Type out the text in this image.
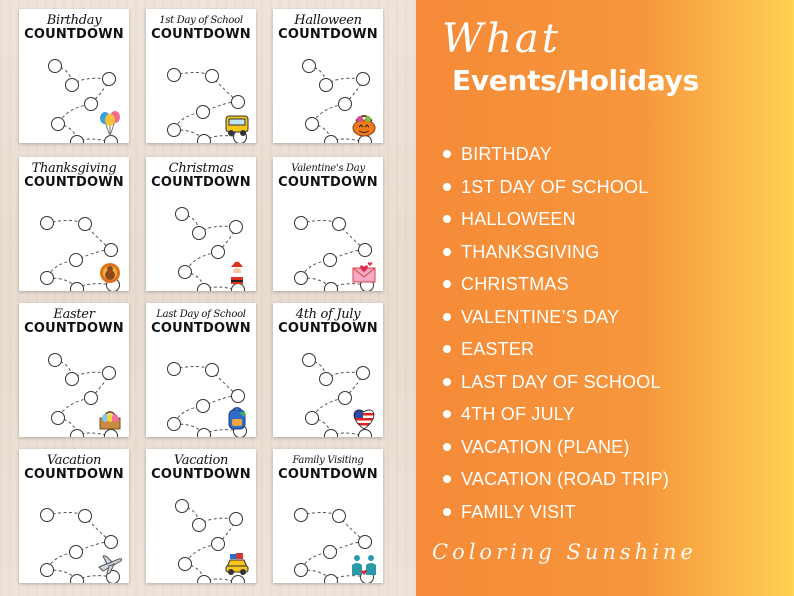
Birthday
COUNTDOWN
1st Day of School
COUNTDOWN
Halloween
COUNTDOWN
Thanksgiving
COUNTDOWN
Christmas
COUNTDOWN
Valentine's Day
COUNTDOWN
Easter
COUNTDOWN
Last Day of School
COUNTDOWN
4th of July
COUNTDOWN
Vacation
COUNTDOWN
Vacation
COUNTDOWN
Family Visiting
COUNTDOWN
What
Events/Holidays
BIRTHDAY
1ST DAY OF SCHOOL
HALLOWEEN
THANKSGIVING
CHRISTMAS
VALENTINE’S DAY
EASTER
LAST DAY OF SCHOOL
4TH OF JULY
VACATION (PLANE)
VACATION (ROAD TRIP)
FAMILY VISIT
Coloring Sunshine
